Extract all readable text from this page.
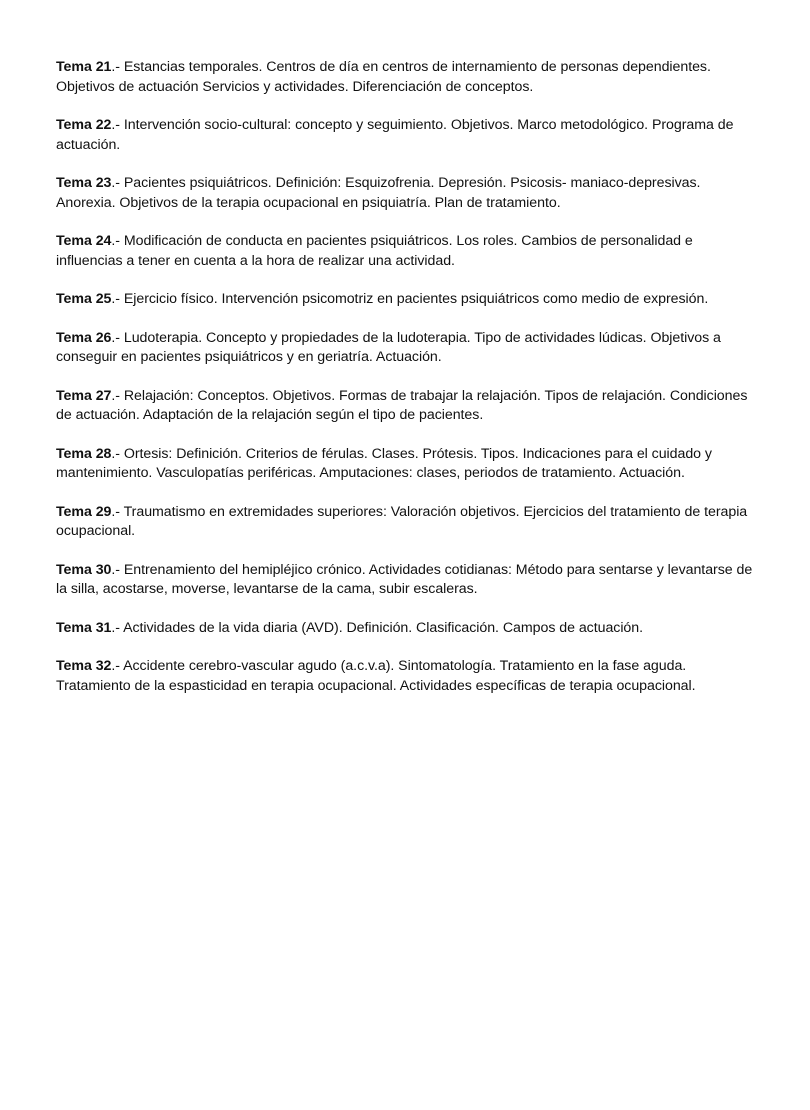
Tema 21.- Estancias temporales. Centros de día en centros de internamiento de personas dependientes. Objetivos de actuación Servicios y actividades. Diferenciación de conceptos.

Tema 22.- Intervención socio-cultural: concepto y seguimiento. Objetivos. Marco metodológico. Programa de actuación.

Tema 23.- Pacientes psiquiátricos. Definición: Esquizofrenia. Depresión. Psicosis- maniaco-depresivas. Anorexia. Objetivos de la terapia ocupacional en psiquiatría. Plan de tratamiento.

Tema 24.- Modificación de conducta en pacientes psiquiátricos. Los roles. Cambios de personalidad e influencias a tener en cuenta a la hora de realizar una actividad.

Tema 25.- Ejercicio físico. Intervención psicomotriz en pacientes psiquiátricos como medio de expresión.

Tema 26.- Ludoterapia. Concepto y propiedades de la ludoterapia. Tipo de actividades lúdicas. Objetivos a conseguir en pacientes psiquiátricos y en geriatría. Actuación.

Tema 27.- Relajación: Conceptos. Objetivos. Formas de trabajar la relajación. Tipos de relajación. Condiciones de actuación. Adaptación de la relajación según el tipo de pacientes.

Tema 28.- Ortesis: Definición. Criterios de férulas. Clases. Prótesis. Tipos. Indicaciones para el cuidado y mantenimiento. Vasculopatías periféricas. Amputaciones: clases, periodos de tratamiento. Actuación.

Tema 29.- Traumatismo en extremidades superiores: Valoración objetivos. Ejercicios del tratamiento de terapia ocupacional.

Tema 30.- Entrenamiento del hemipléjico crónico. Actividades cotidianas: Método para sentarse y levantarse de la silla, acostarse, moverse, levantarse de la cama, subir escaleras.

Tema 31.- Actividades de la vida diaria (AVD). Definición. Clasificación. Campos de actuación.

Tema 32.- Accidente cerebro-vascular agudo (a.c.v.a). Sintomatología. Tratamiento en la fase aguda. Tratamiento de la espasticidad en terapia ocupacional. Actividades específicas de terapia ocupacional.
